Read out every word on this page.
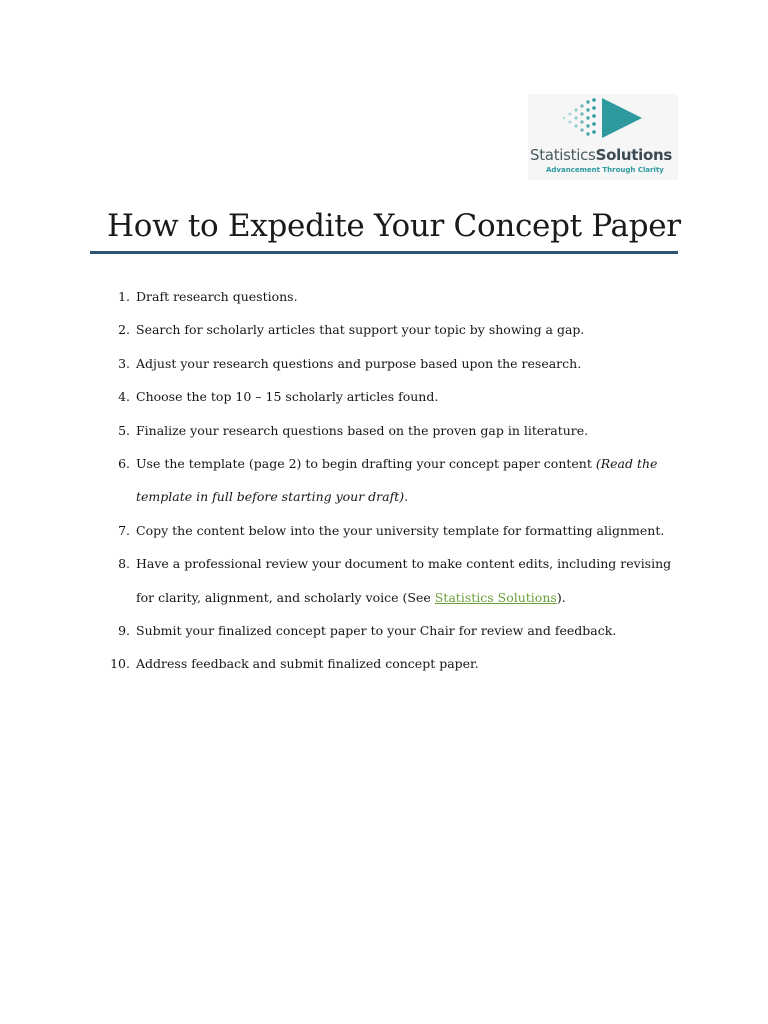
StatisticsSolutions
Advancement Through Clarity
How to Expedite Your Concept Paper
1. Draft research questions.
2. Search for scholarly articles that support your topic by showing a gap.
3. Adjust your research questions and purpose based upon the research.
4. Choose the top 10 – 15 scholarly articles found.
5. Finalize your research questions based on the proven gap in literature.
6. Use the template (page 2) to begin drafting your concept paper content (Read the template in full before starting your draft).
7. Copy the content below into the your university template for formatting alignment.
8. Have a professional review your document to make content edits, including revising for clarity, alignment, and scholarly voice (See Statistics Solutions).
9. Submit your finalized concept paper to your Chair for review and feedback.
10. Address feedback and submit finalized concept paper.
